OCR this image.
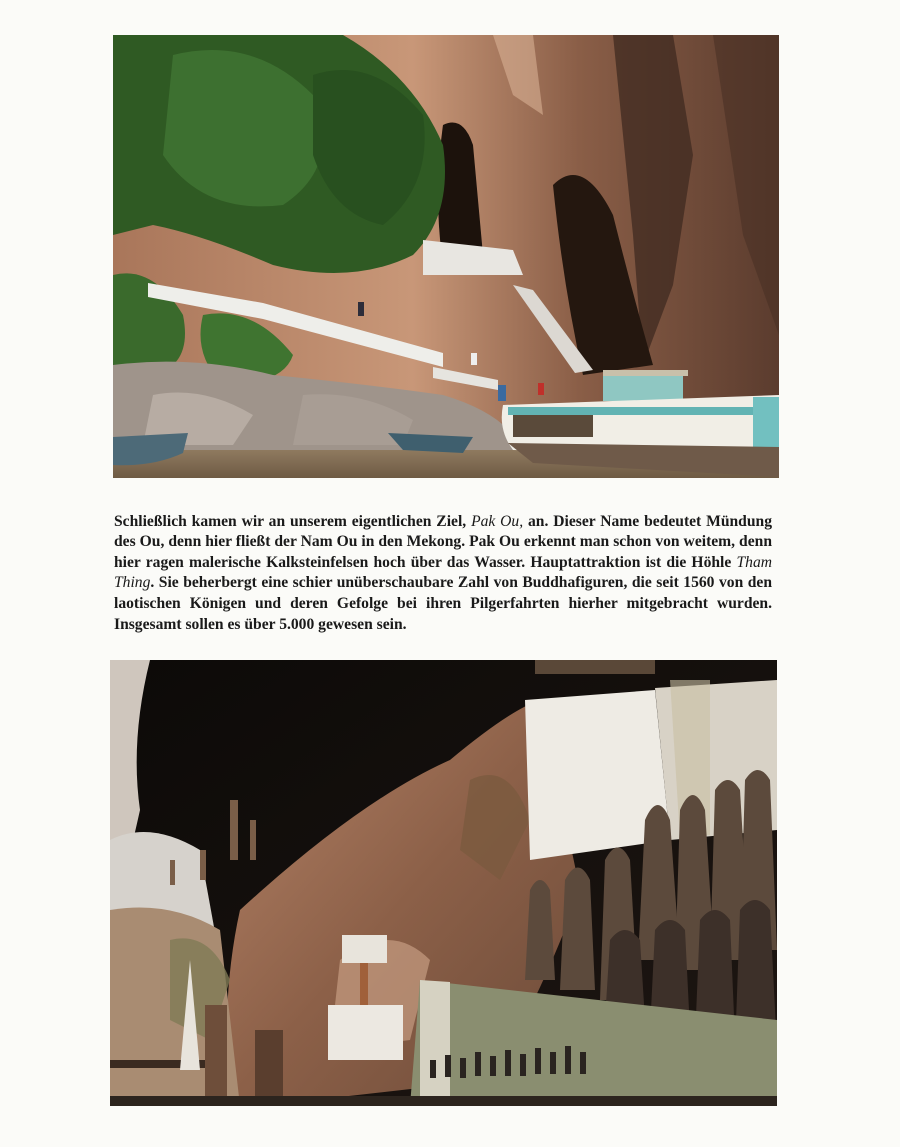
Schließlich kamen wir an unserem eigentlichen Ziel, Pak Ou, an. Dieser Name bedeutet Mündung des Ou, denn hier fließt der Nam Ou in den Mekong. Pak Ou erkennt man schon von weitem, denn hier ragen malerische Kalksteinfelsen hoch über das Wasser. Hauptattraktion ist die Höhle Tham Thing. Sie beherbergt eine schier unüberschaubare Zahl von Buddhafiguren, die seit 1560 von den laotischen Königen und deren Gefolge bei ihren Pilgerfahrten hierher mitgebracht wurden. Insgesamt sollen es über 5.000 gewesen sein.
